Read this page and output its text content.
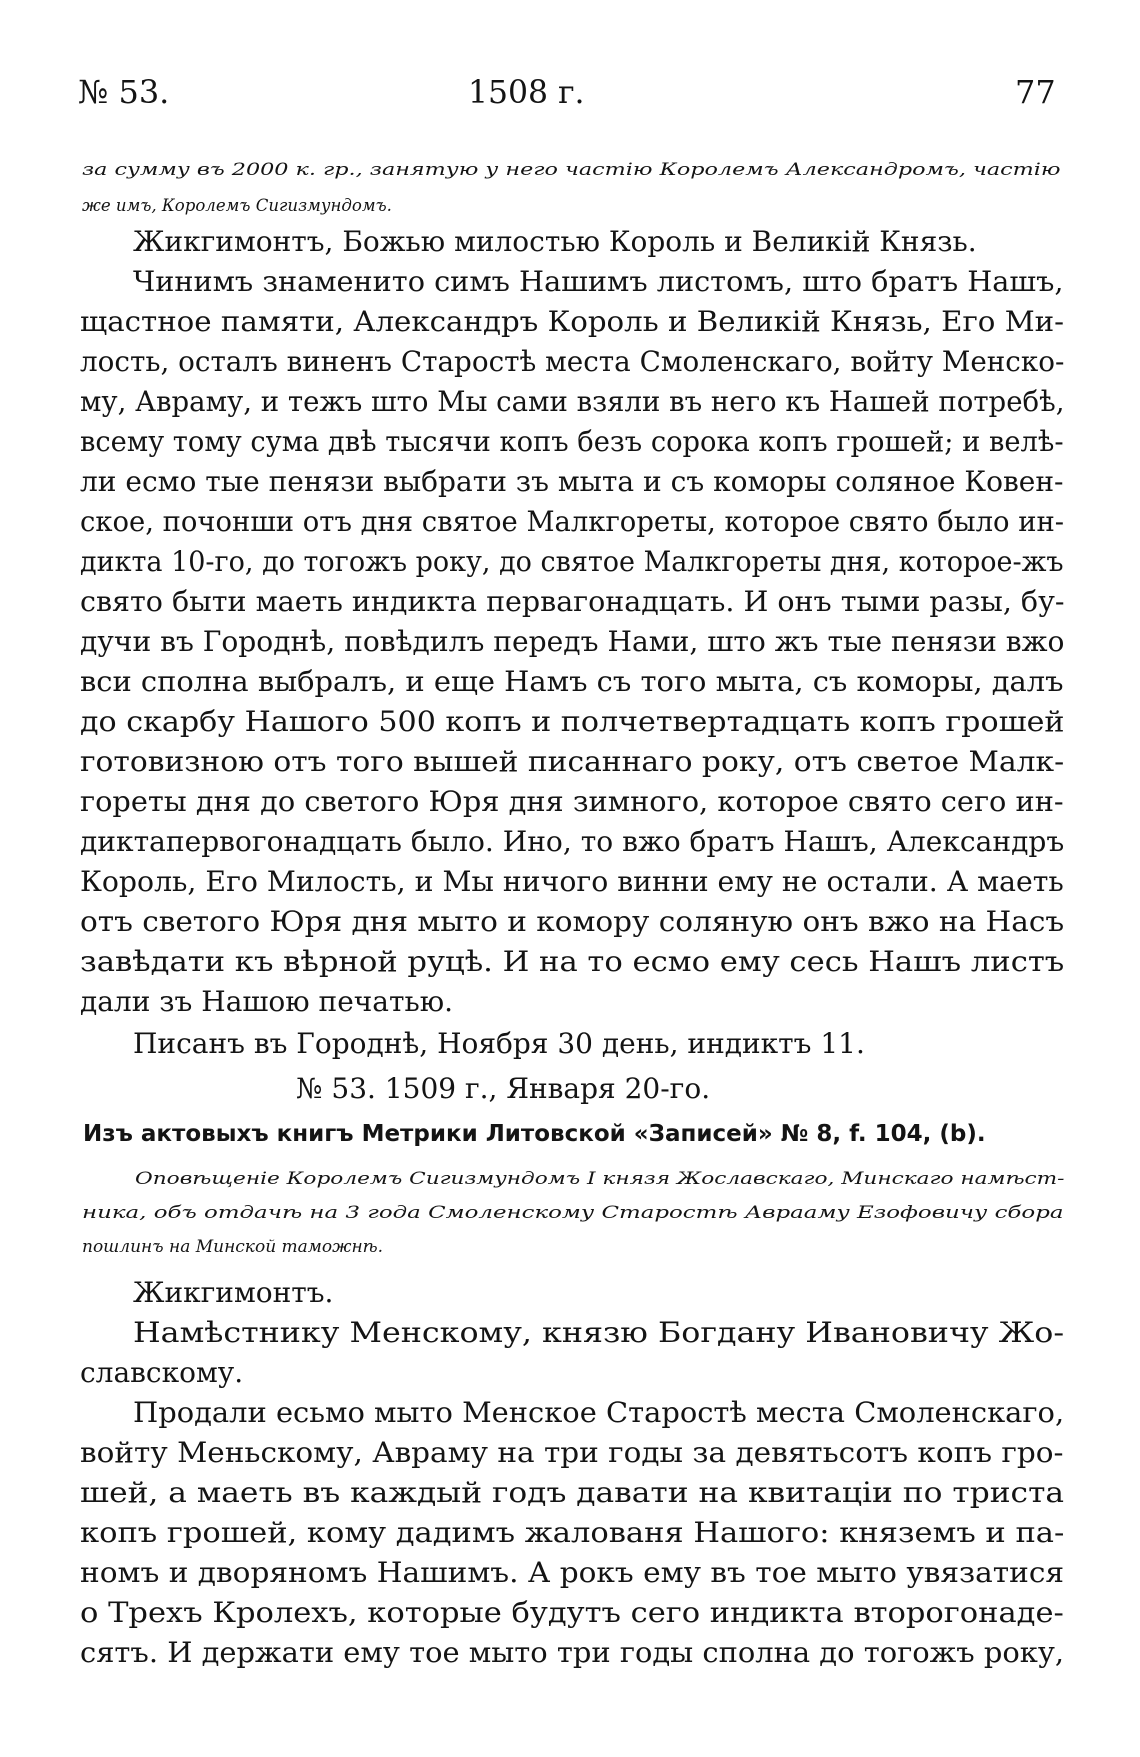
№ 53.	1508 г.	77
за сумму въ 2000 к. гр., занятую у него частію Королемъ Александромъ, частію
же имъ, Королемъ Сигизмундомъ.
Жикгимонтъ, Божью милостью Король и Великій Князь.
Чинимъ знаменито симъ Нашимъ листомъ, што братъ Нашъ,
щастное памяти, Александръ Король и Великій Князь, Его Ми-
лость, осталъ виненъ Старостѣ места Смоленскаго, войту Менско-
му, Авраму, и тежъ што Мы сами взяли въ него къ Нашей потребѣ,
всему тому сума двѣ тысячи копъ безъ сорока копъ грошей; и велѣ-
ли есмо тые пенязи выбрати зъ мыта и съ коморы соляное Ковен-
ское, почонши отъ дня святое Малкгореты, которое свято было ин-
дикта 10-го, до тогожъ року, до святое Малкгореты дня, которое-жъ
свято быти маеть индикта первагонадцать. И онъ тыми разы, бу-
дучи въ Городнѣ, повѣдилъ передъ Нами, што жъ тые пенязи вжо
вси сполна выбралъ, и еще Намъ съ того мыта, съ коморы, далъ
до скарбу Нашого 500 копъ и полчетвертадцать копъ грошей
готовизною отъ того вышей писаннаго року, отъ светое Малк-
гореты дня до светого Юря дня зимного, которое свято сего ин-
диктапервогонадцать было. Ино, то вжо братъ Нашъ, Александръ
Король, Его Милость, и Мы ничого винни ему не остали. А маеть
отъ светого Юря дня мыто и комору соляную онъ вжо на Насъ
завѣдати къ вѣрной руцѣ. И на то есмо ему сесь Нашъ листъ
дали зъ Нашою печатью.
Писанъ въ Городнѣ, Ноября 30 день, индиктъ 11.
№ 53. 1509 г., Января 20-го.
Изъ актовыхъ книгъ Метрики Литовской «Записей» № 8, f. 104, (b).
Оповѣщеніе Королемъ Сигизмундомъ I князя Жославскаго, Минскаго намѣст-
ника, объ отдачѣ на 3 года Смоленскому Старостѣ Аврааму Езофовичу сбора
пошлинъ на Минской таможнѣ.
Жикгимонтъ.
Намѣстнику Менскому, князю Богдану Ивановичу Жо-
славскому.
Продали есьмо мыто Менское Старостѣ места Смоленскаго,
войту Меньскому, Авраму на три годы за девятьсотъ копъ гро-
шей, а маеть въ каждый годъ давати на квитаціи по триста
копъ грошей, кому дадимъ жалованя Нашого: княземъ и па-
номъ и дворяномъ Нашимъ. А рокъ ему въ тое мыто увязатися
о Трехъ Кролехъ, которые будутъ сего индикта второгонаде-
сятъ. И держати ему тое мыто три годы сполна до тогожъ року,
